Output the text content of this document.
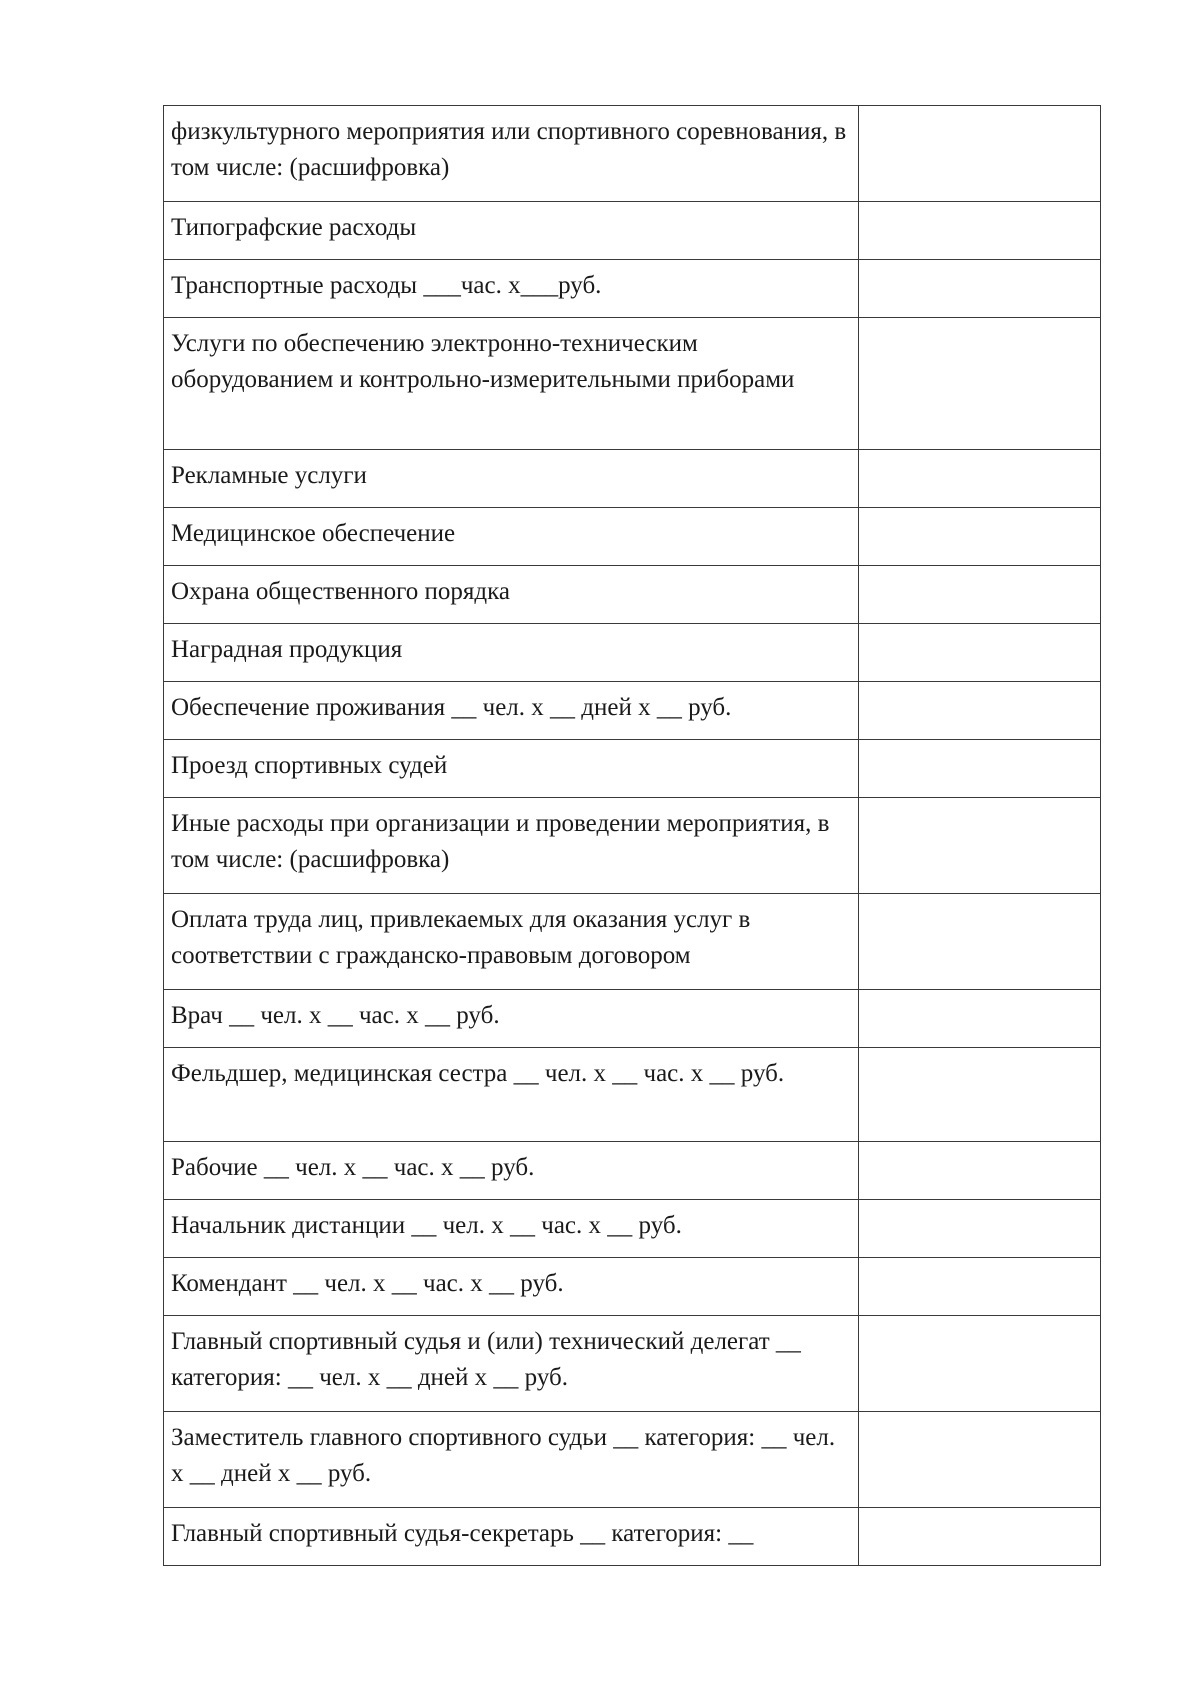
физкультурного мероприятия или спортивного соревнования, в том числе: (расшифровка)	
Типографские расходы	
Транспортные расходы ___час. х___руб.	
Услуги по обеспечению электронно-техническим оборудованием и контрольно-измерительными приборами	
Рекламные услуги	
Медицинское обеспечение	
Охрана общественного порядка	
Наградная продукция	
Обеспечение проживания __ чел. х __ дней х __ руб.	
Проезд спортивных судей	
Иные расходы при организации и проведении мероприятия, в том числе: (расшифровка)	
Оплата труда лиц, привлекаемых для оказания услуг в соответствии с гражданско-правовым договором	
Врач __ чел. х __ час. х __ руб.	
Фельдшер, медицинская сестра __ чел. х __ час. х __ руб.	
Рабочие __ чел. х __ час. х __ руб.	
Начальник дистанции __ чел. х __ час. х __ руб.	
Комендант __ чел. х __ час. х __ руб.	
Главный спортивный судья и (или) технический делегат __ категория: __ чел. х __ дней х __ руб.	
Заместитель главного спортивного судьи __ категория: __ чел. х __ дней х __ руб.	
Главный спортивный судья-секретарь __ категория: __	
